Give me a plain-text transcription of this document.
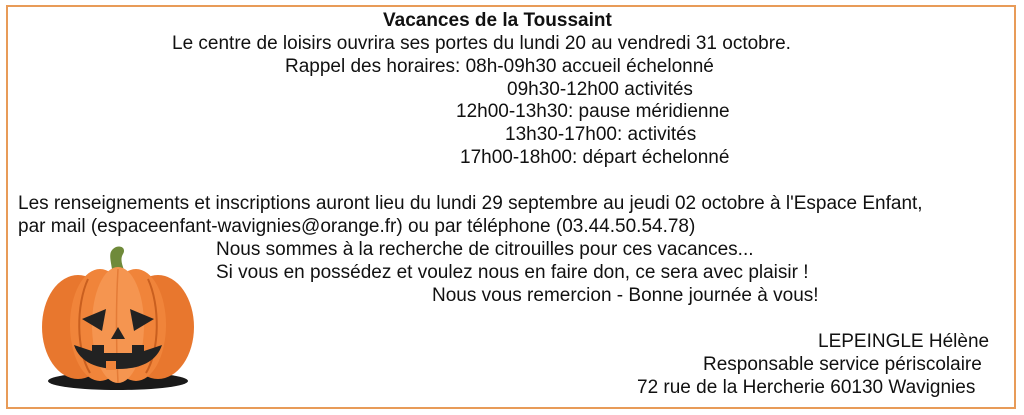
Vacances de la Toussaint
Le centre de loisirs ouvrira ses portes du lundi 20 au vendredi 31 octobre.
Rappel des horaires: 08h-09h30 accueil échelonné
09h30-12h00 activités
12h00-13h30: pause méridienne
13h30-17h00: activités
17h00-18h00: départ échelonné
Les renseignements et inscriptions auront lieu du lundi 29 septembre au jeudi 02 octobre à l'Espace Enfant,
par mail (espaceenfant-wavignies@orange.fr) ou par téléphone (03.44.50.54.78)
Nous sommes à la recherche de citrouilles pour ces vacances...
Si vous en possédez et voulez nous en faire don, ce sera avec plaisir !
Nous vous remercion - Bonne journée à vous!
LEPEINGLE Hélène
Responsable service périscolaire
72 rue de la Hercherie 60130 Wavignies
